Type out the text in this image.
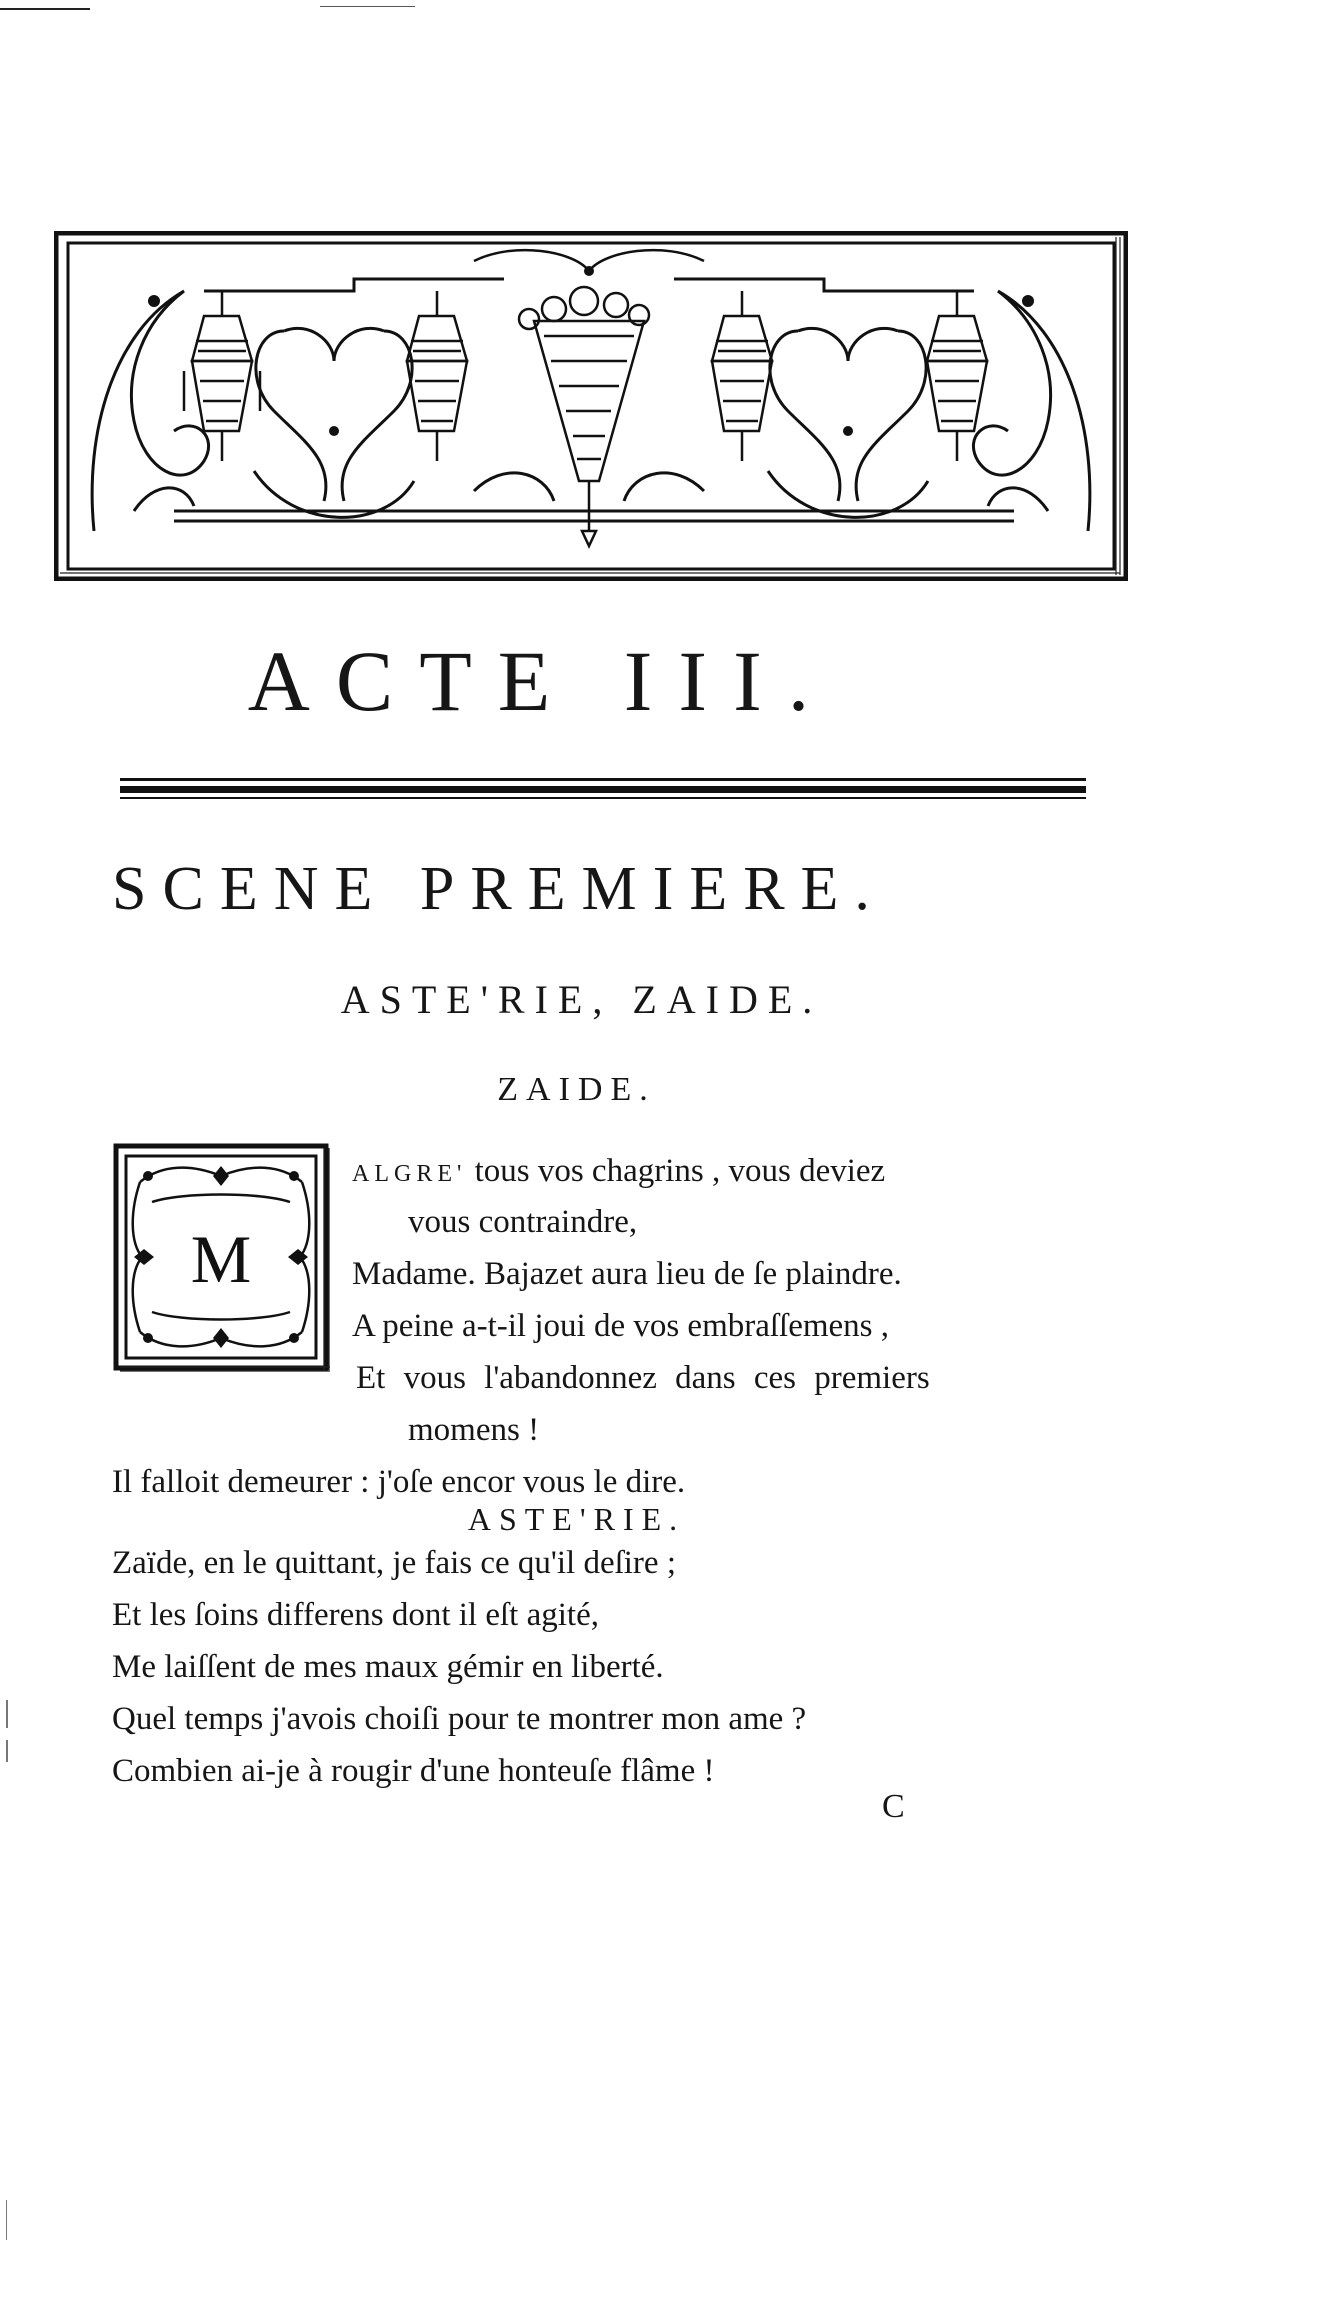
ACTE III.
SCENE PREMIERE.
ASTE'RIE, ZAIDE.
ZAIDE.
M
ALGRE' tous vos chagrins , vous deviez
vous contraindre,
Madame. Bajazet aura lieu de ſe plaindre.
A peine a-t-il joui de vos embraſſemens ,
Et vous l'abandonnez dans ces premiers
momens !
Il falloit demeurer : j'oſe encor vous le dire.
ASTE'RIE.
Zaïde, en le quittant, je fais ce qu'il deſire ;
Et les ſoins differens dont il eſt agité,
Me laiſſent de mes maux gémir en liberté.
Quel temps j'avois choiſi pour te montrer mon ame ?
Combien ai-je à rougir d'une honteuſe flâme !
C
